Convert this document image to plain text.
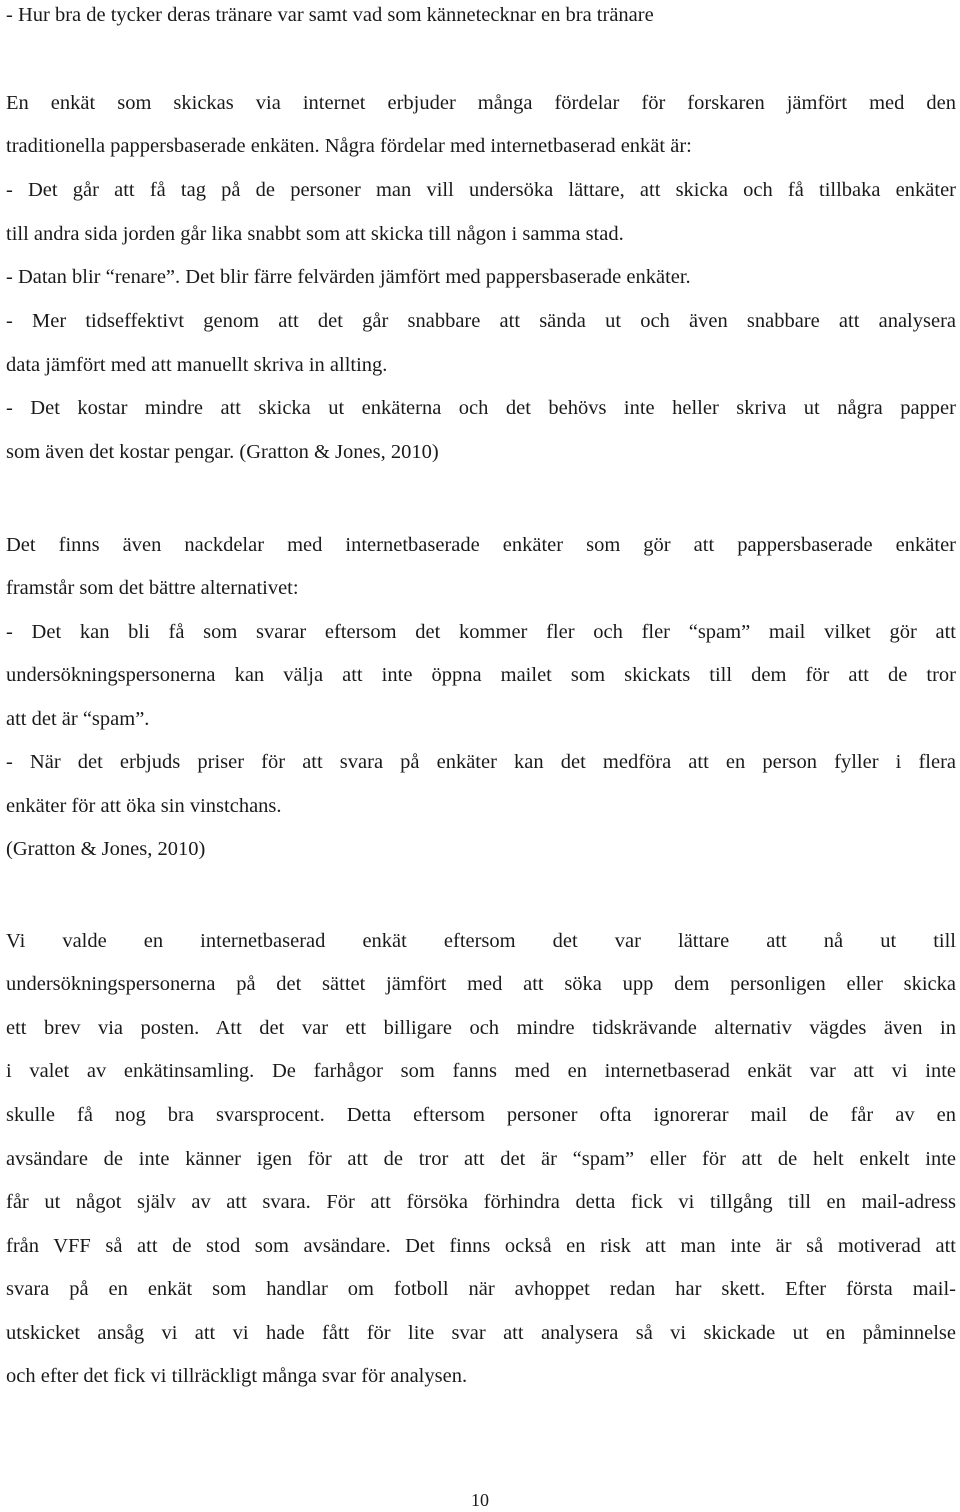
- Hur bra de tycker deras tränare var samt vad som kännetecknar en bra tränare

En enkät som skickas via internet erbjuder många fördelar för forskaren jämfört med den

traditionella pappersbaserade enkäten. Några fördelar med internetbaserad enkät är:

- Det går att få tag på de personer man vill undersöka lättare, att skicka och få tillbaka enkäter

till andra sida jorden går lika snabbt som att skicka till någon i samma stad.

- Datan blir “renare”. Det blir färre felvärden jämfört med pappersbaserade enkäter.

- Mer tidseffektivt genom att det går snabbare att sända ut och även snabbare att analysera

data jämfört med att manuellt skriva in allting.

- Det kostar mindre att skicka ut enkäterna och det behövs inte heller skriva ut några papper

som även det kostar pengar. (Gratton & Jones, 2010)

Det finns även nackdelar med internetbaserade enkäter som gör att pappersbaserade enkäter

framstår som det bättre alternativet:

- Det kan bli få som svarar eftersom det kommer fler och fler “spam” mail vilket gör att

undersökningspersonerna kan välja att inte öppna mailet som skickats till dem för att de tror

att det är “spam”.

- När det erbjuds priser för att svara på enkäter kan det medföra att en person fyller i flera

enkäter för att öka sin vinstchans.

(Gratton & Jones, 2010)

Vi valde en internetbaserad enkät eftersom det var lättare att nå ut till

undersökningspersonerna på det sättet jämfört med att söka upp dem personligen eller skicka

ett brev via posten. Att det var ett billigare och mindre tidskrävande alternativ vägdes även in

i valet av enkätinsamling. De farhågor som fanns med en internetbaserad enkät var att vi inte

skulle få nog bra svarsprocent. Detta eftersom personer ofta ignorerar mail de får av en

avsändare de inte känner igen för att de tror att det är “spam” eller för att de helt enkelt inte

får ut något själv av att svara. För att försöka förhindra detta fick vi tillgång till en mail-adress

från VFF så att de stod som avsändare. Det finns också en risk att man inte är så motiverad att

svara på en enkät som handlar om fotboll när avhoppet redan har skett. Efter första mail-

utskicket ansåg vi att vi hade fått för lite svar att analysera så vi skickade ut en påminnelse

och efter det fick vi tillräckligt många svar för analysen.

10
